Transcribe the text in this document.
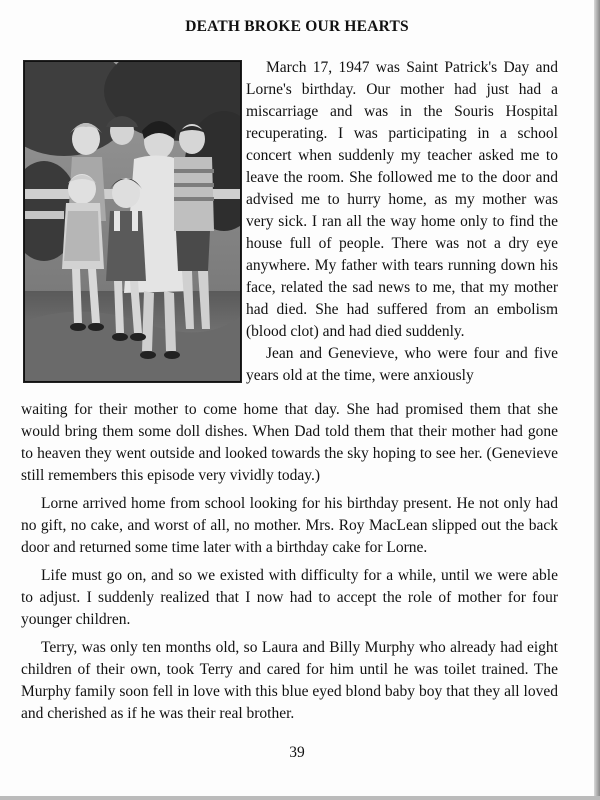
DEATH BROKE OUR HEARTS

March 17, 1947 was Saint Patrick's Day and Lorne's birthday. Our mother had just had a miscarriage and was in the Souris Hospital recuperating. I was participating in a school concert when suddenly my teacher asked me to leave the room. She followed me to the door and advised me to hurry home, as my mother was very sick. I ran all the way home only to find the house full of people. There was not a dry eye anywhere. My father with tears running down his face, related the sad news to me, that my mother had died. She had suffered from an embolism (blood clot) and had died suddenly.

Jean and Genevieve, who were four and five years old at the time, were anxiously

waiting for their mother to come home that day. She had promised them that she would bring them some doll dishes. When Dad told them that their mother had gone to heaven they went outside and looked towards the sky hoping to see her. (Genevieve still remembers this episode very vividly today.)

Lorne arrived home from school looking for his birthday present. He not only had no gift, no cake, and worst of all, no mother. Mrs. Roy MacLean slipped out the back door and returned some time later with a birthday cake for Lorne.

Life must go on, and so we existed with difficulty for a while, until we were able to adjust. I suddenly realized that I now had to accept the role of mother for four younger children.

Terry, was only ten months old, so Laura and Billy Murphy who already had eight children of their own, took Terry and cared for him until he was toilet trained. The Murphy family soon fell in love with this blue eyed blond baby boy that they all loved and cherished as if he was their real brother.

39
